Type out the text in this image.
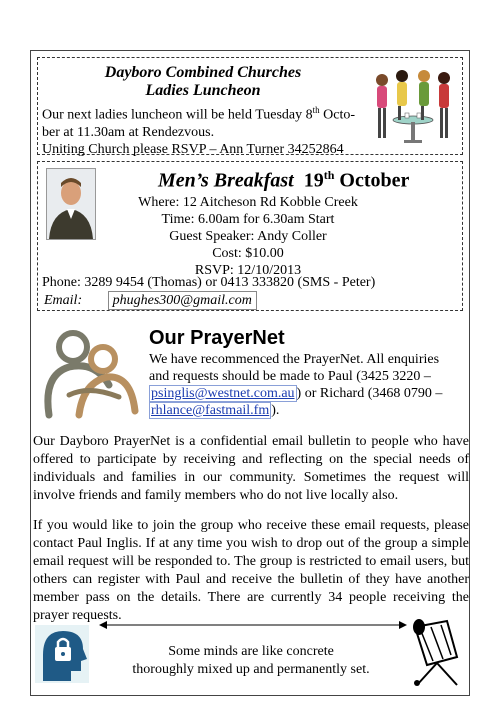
Dayboro Combined Churches
Ladies Luncheon
Our next ladies luncheon will be held Tuesday 8th Octo-
ber at 11.30am at Rendezvous.
Uniting Church please RSVP – Ann Turner 34252864
Men’s Breakfast 19th October
Where: 12 Aitcheson Rd Kobble Creek
Time: 6.00am for 6.30am Start
Guest Speaker: Andy Coller
Cost: $10.00
RSVP: 12/10/2013
Phone: 3289 9454 (Thomas) or 0413 333820 (SMS - Peter)
Email: phughes300@gmail.com
Our PrayerNet
We have recommenced the PrayerNet. All enquiries
and requests should be made to Paul (3425 3220 –
psinglis@westnet.com.au ) or Richard (3468 0790 –
rhlance@fastmail.fm ).
Our Dayboro PrayerNet is a confidential email bulletin to people who have offered to participate by receiving and reflecting on the special needs of individuals and families in our community. Sometimes the request will involve friends and family members who do not live locally also.
If you would like to join the group who receive these email requests, please contact Paul Inglis. If at any time you wish to drop out of the group a simple email request will be responded to. The group is restricted to email users, but others can register with Paul and receive the bulletin of they have another member pass on the details. There are currently 34 people receiving the prayer requests.
Some minds are like concrete
thoroughly mixed up and permanently set.
